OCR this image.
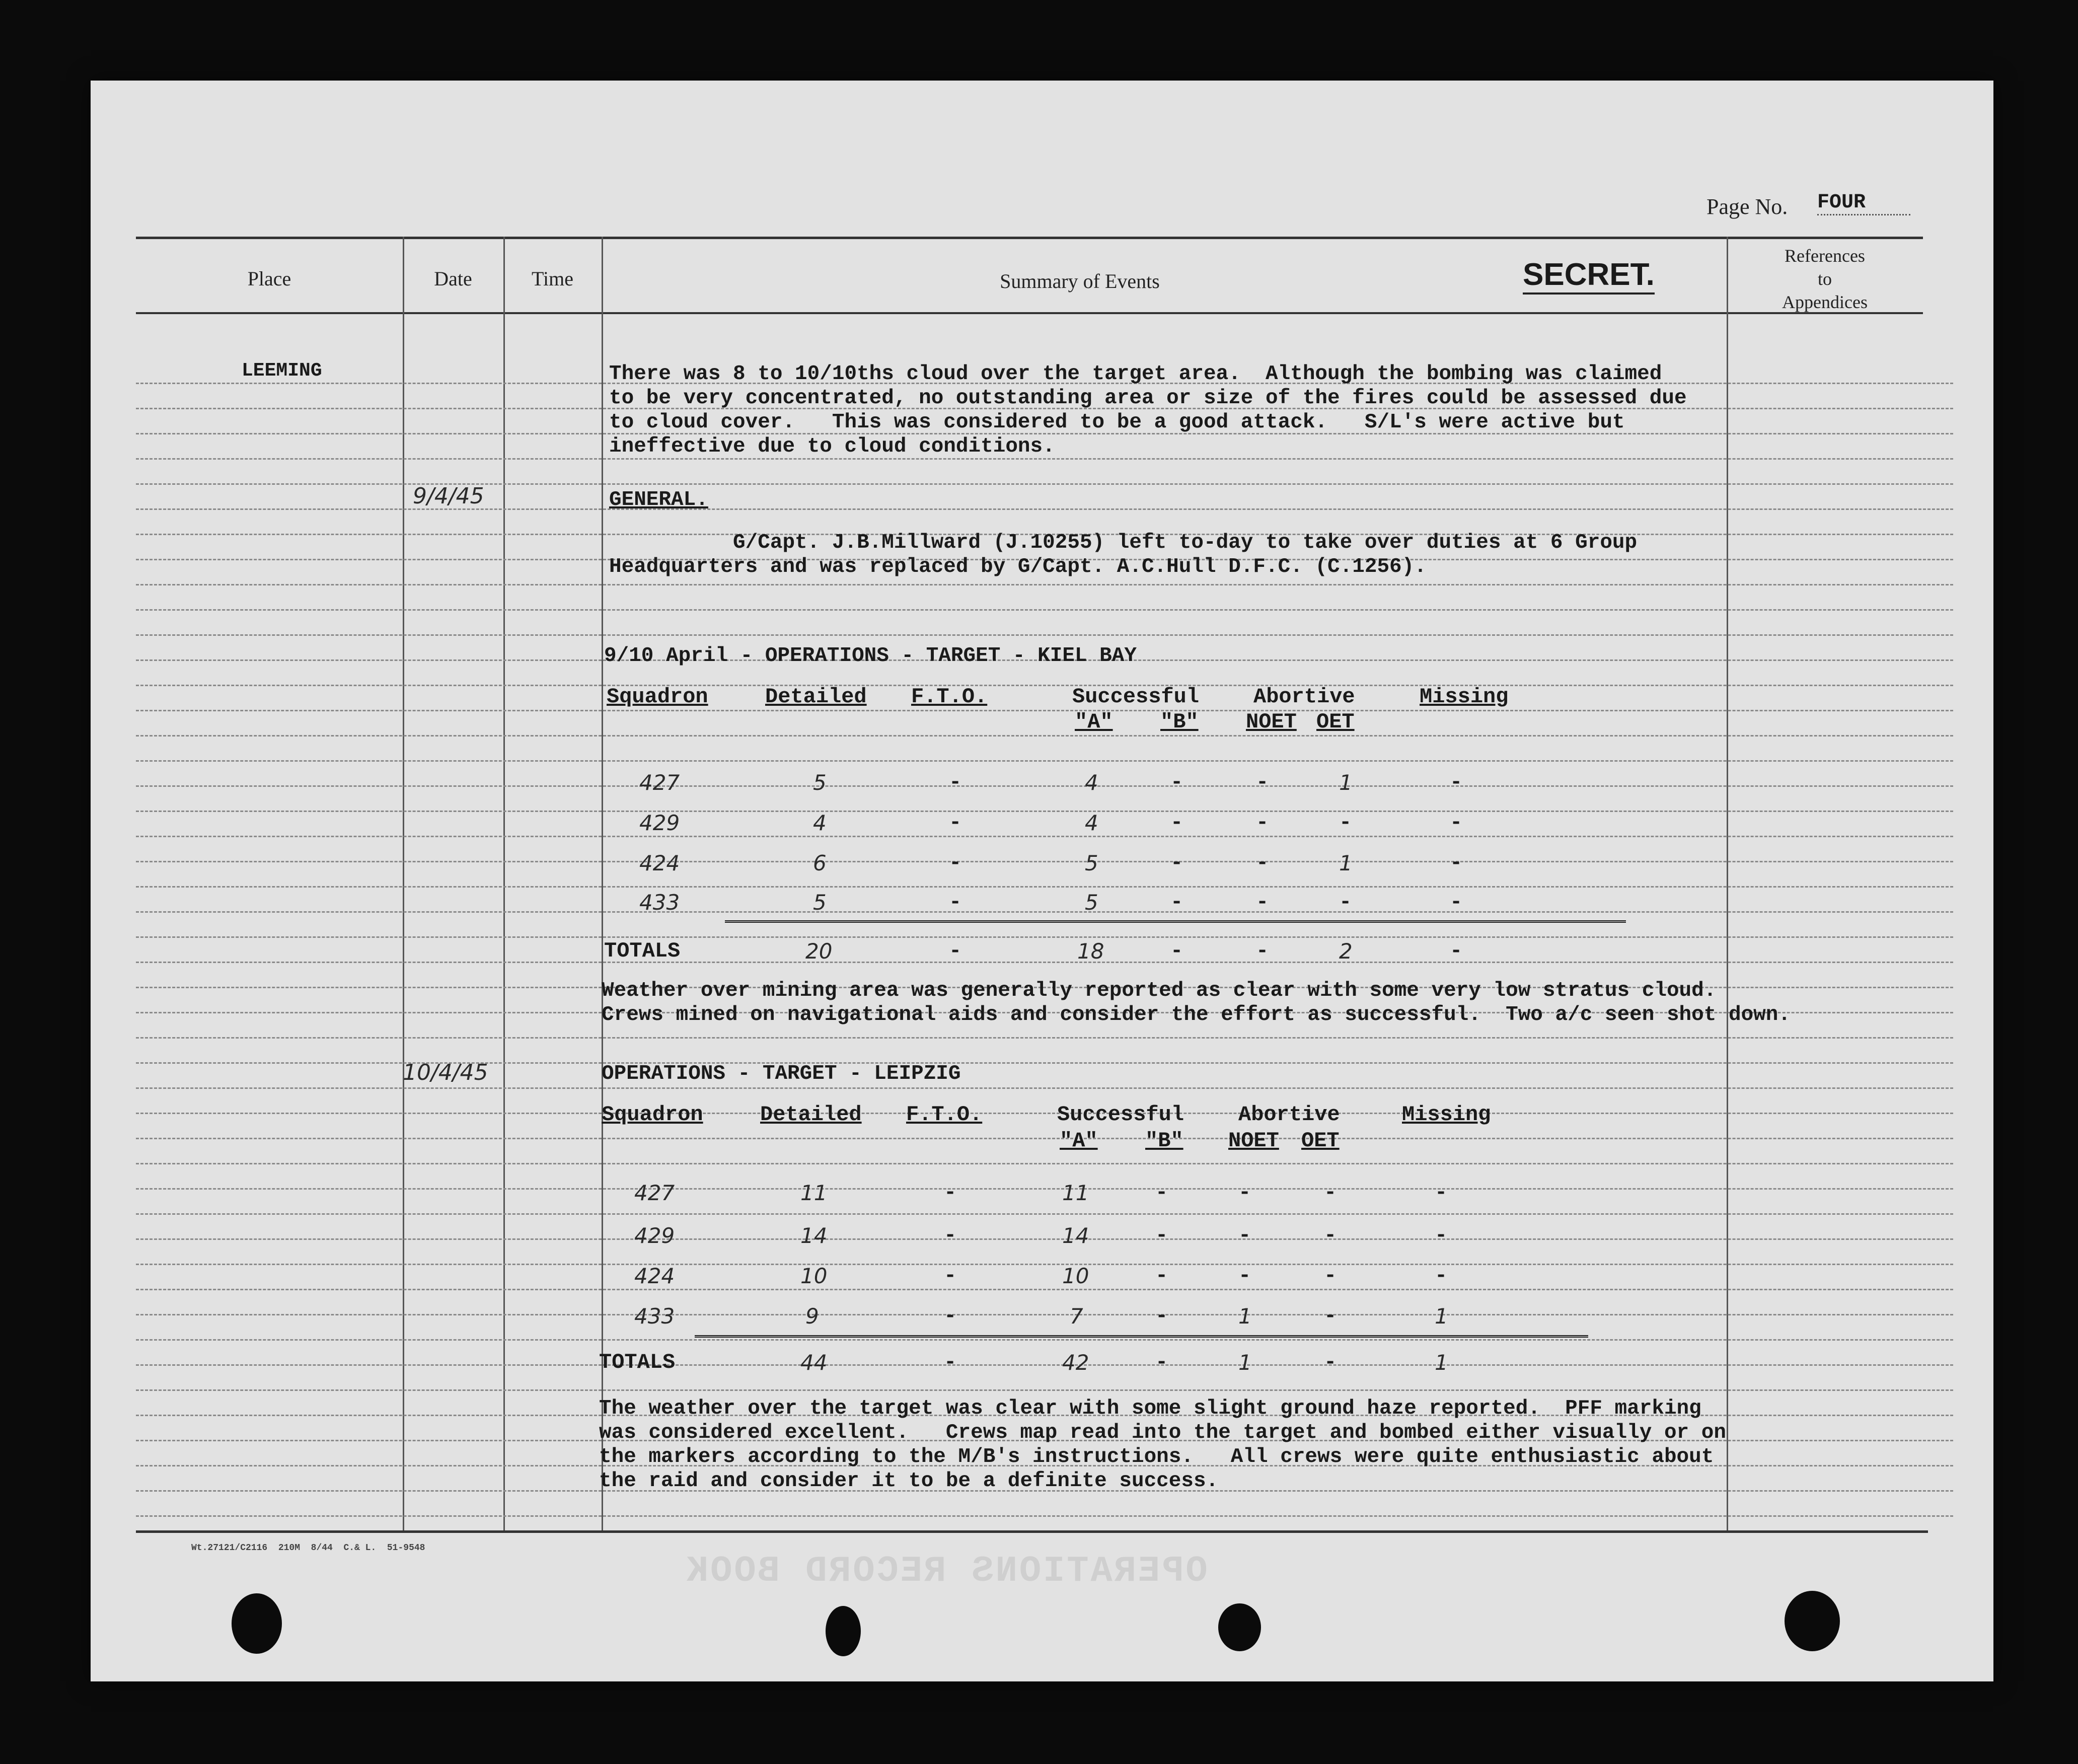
Page No. FOUR
Place	Date	Time	Summary of Events	SECRET.
References
to
Appendices
LEEMING	There was 8 to 10/10ths cloud over the target area.  Although the bombing was claimed
to be very concentrated, no outstanding area or size of the fires could be assessed due
to cloud cover.   This was considered to be a good attack.   S/L's were active but
ineffective due to cloud conditions.
9/4/45	GENERAL.
G/Capt. J.B.Millward (J.10255) left to-day to take over duties at 6 Group
Headquarters and was replaced by G/Capt. A.C.Hull D.F.C. (C.1256).
9/10 April - OPERATIONS - TARGET - KIEL BAY
Squadron	Detailed F.T.O.	Successful	Abortive	Missing
"A" "B" NOET OET
427	5	-	4	-	-	1	-
429	4	-	4	-	-	-	-
424	6	-	5	-	-	1	-
433	5	-	5	-	-	-	-
TOTALS	20	-	18	-	-	2	-
Weather over mining area was generally reported as clear with some very low stratus cloud.
Crews mined on navigational aids and consider the effort as successful.  Two a/c seen shot down.
10/4/45	OPERATIONS - TARGET - LEIPZIG
Squadron	Detailed F.T.O.	Successful	Abortive	Missing
"A" "B" NOET OET
427	11	-	11	-	-	-	-
429	14	-	14	-	-	-	-
424	10	-	10	-	-	-	-
433	9	-	7	-	1	-	1
TOTALS	44	-	42	-	1	-	1
The weather over the target was clear with some slight ground haze reported.  PFF marking
was considered excellent.   Crews map read into the target and bombed either visually or on
the markers according to the M/B's instructions.   All crews were quite enthusiastic about
the raid and consider it to be a definite success.
Wt.27121/C2116  210M  8/44  C.& L.  51-9548
OPERATIONS RECORD BOOK
